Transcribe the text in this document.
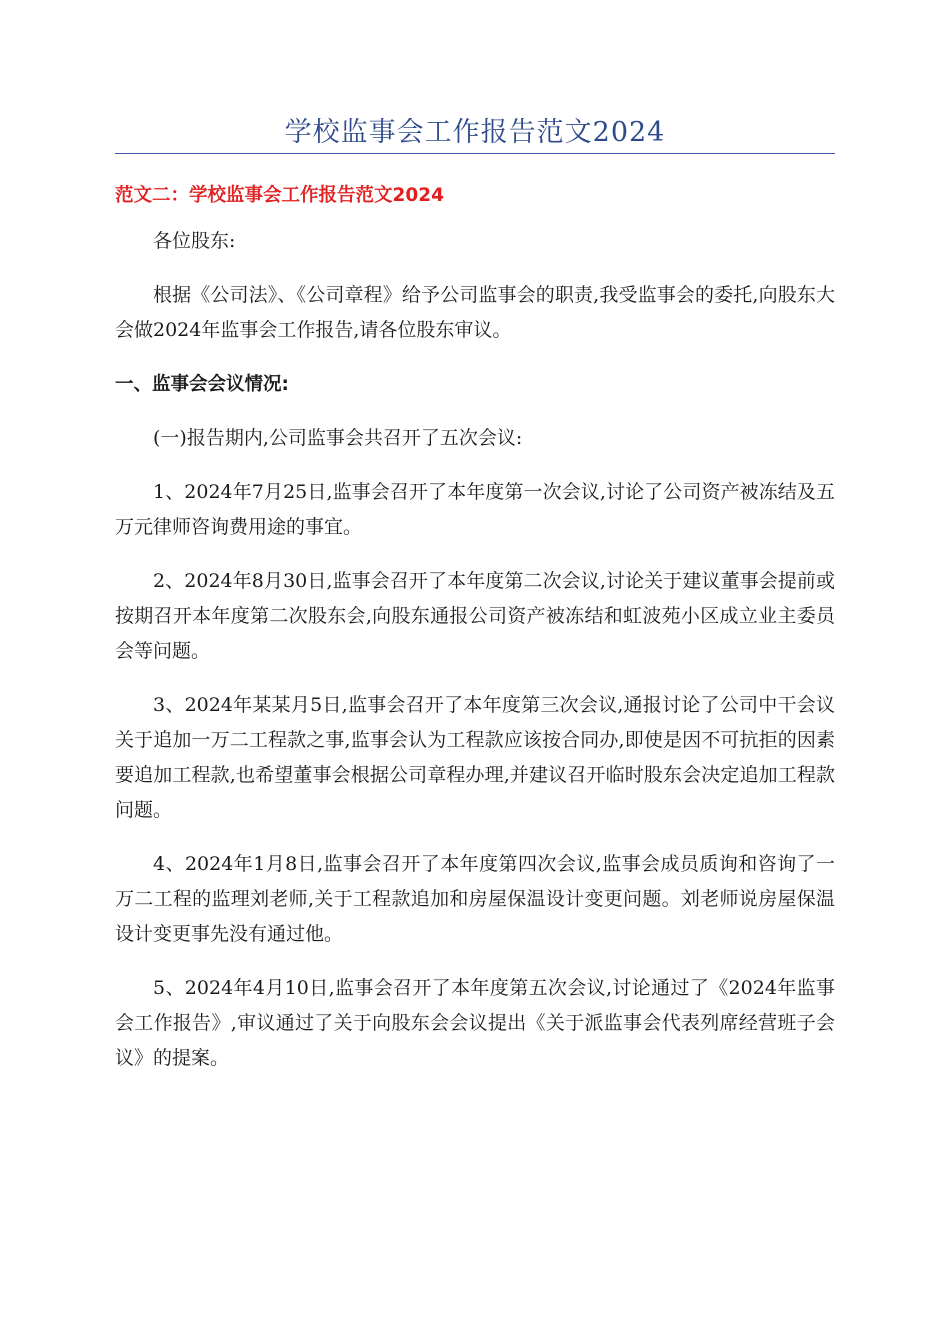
学校监事会工作报告范文2024
范文二：学校监事会工作报告范文2024

各位股东:

根据《公司法》、《公司章程》给予公司监事会的职责,我受监事会的委托,向股东大会做2024年监事会工作报告,请各位股东审议。

一、监事会会议情况:

(一)报告期内,公司监事会共召开了五次会议:

1、2024年7月25日,监事会召开了本年度第一次会议,讨论了公司资产被冻结及五万元律师咨询费用途的事宜。

2、2024年8月30日,监事会召开了本年度第二次会议,讨论关于建议董事会提前或按期召开本年度第二次股东会,向股东通报公司资产被冻结和虹波苑小区成立业主委员会等问题。

3、2024年某某月5日,监事会召开了本年度第三次会议,通报讨论了公司中干会议关于追加一万二工程款之事,监事会认为工程款应该按合同办,即使是因不可抗拒的因素要追加工程款,也希望董事会根据公司章程办理,并建议召开临时股东会决定追加工程款问题。

4、2024年1月8日,监事会召开了本年度第四次会议,监事会成员质询和咨询了一万二工程的监理刘老师,关于工程款追加和房屋保温设计变更问题。刘老师说房屋保温设计变更事先没有通过他。

5、2024年4月10日,监事会召开了本年度第五次会议,讨论通过了《2024年监事会工作报告》,审议通过了关于向股东会会议提出《关于派监事会代表列席经营班子会议》的提案。
